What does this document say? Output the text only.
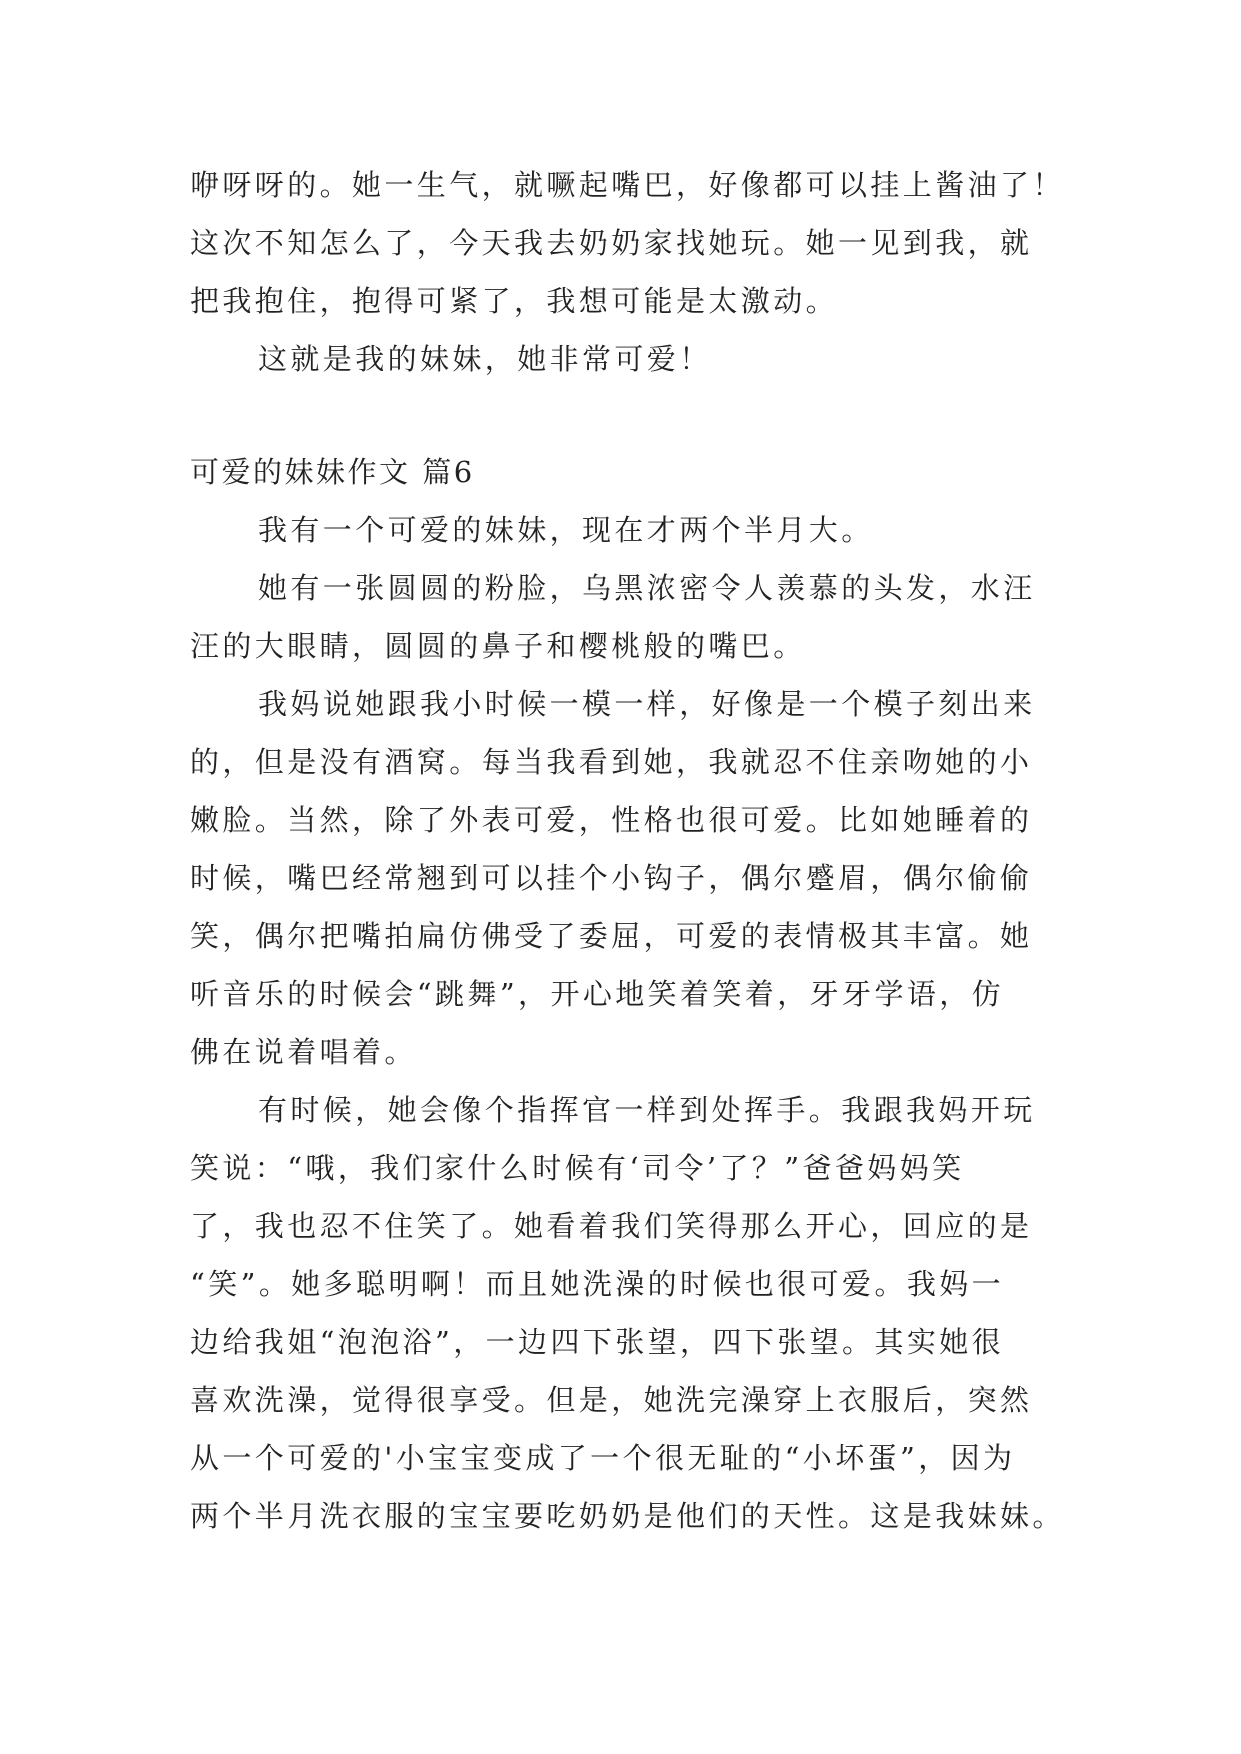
咿呀呀的。她一生气，就噘起嘴巴，好像都可以挂上酱油了！
这次不知怎么了，今天我去奶奶家找她玩。她一见到我，就
把我抱住，抱得可紧了，我想可能是太激动。
这就是我的妹妹，她非常可爱！
可爱的妹妹作文 篇6
我有一个可爱的妹妹，现在才两个半月大。
她有一张圆圆的粉脸，乌黑浓密令人羡慕的头发，水汪
汪的大眼睛，圆圆的鼻子和樱桃般的嘴巴。
我妈说她跟我小时候一模一样，好像是一个模子刻出来
的，但是没有酒窝。每当我看到她，我就忍不住亲吻她的小
嫩脸。当然，除了外表可爱，性格也很可爱。比如她睡着的
时候，嘴巴经常翘到可以挂个小钩子，偶尔蹙眉，偶尔偷偷
笑，偶尔把嘴拍扁仿佛受了委屈，可爱的表情极其丰富。她
听音乐的时候会“跳舞”，开心地笑着笑着，牙牙学语，仿
佛在说着唱着。
有时候，她会像个指挥官一样到处挥手。我跟我妈开玩
笑说：“哦，我们家什么时候有‘司令’了？”爸爸妈妈笑
了，我也忍不住笑了。她看着我们笑得那么开心，回应的是
“笑”。她多聪明啊！而且她洗澡的时候也很可爱。我妈一
边给我姐“泡泡浴”，一边四下张望，四下张望。其实她很
喜欢洗澡，觉得很享受。但是，她洗完澡穿上衣服后，突然
从一个可爱的'小宝宝变成了一个很无耻的“小坏蛋”，因为
两个半月洗衣服的宝宝要吃奶奶是他们的天性。这是我妹妹。
